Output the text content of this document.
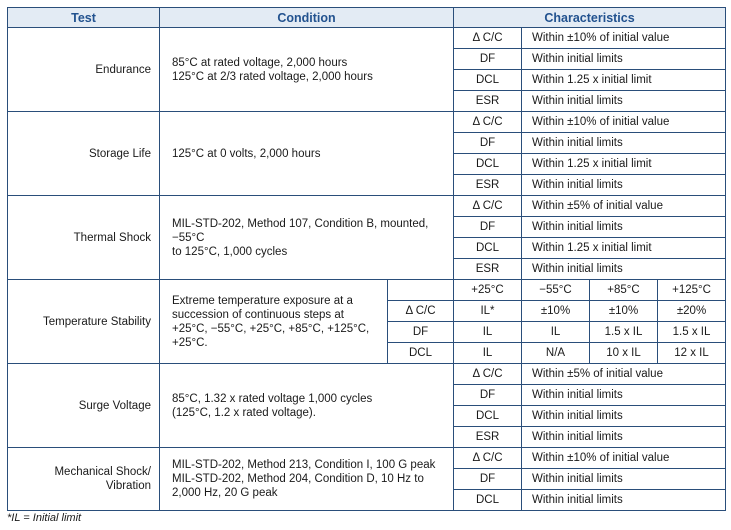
Test	Condition		Characteristics			
Endurance	85°C at rated voltage, 2,000 hours
125°C at 2/3 rated voltage, 2,000 hours		Δ C/C	Within ±10% of initial value		
			DF	Within initial limits		
			DCL	Within 1.25 x initial limit		
			ESR	Within initial limits		
Storage Life	125°C at 0 volts, 2,000 hours		Δ C/C	Within ±10% of initial value		
			DF	Within initial limits		
			DCL	Within 1.25 x initial limit		
			ESR	Within initial limits		
Thermal Shock	MIL-STD-202, Method 107, Condition B, mounted, −55°C
to 125°C, 1,000 cycles		Δ C/C	Within ±5% of initial value		
			DF	Within initial limits		
			DCL	Within 1.25 x initial limit		
			ESR	Within initial limits		
Temperature Stability	Extreme temperature exposure at a
succession of continuous steps at
+25°C, −55°C, +25°C, +85°C, +125°C,
+25°C.		+25°C	−55°C	+85°C	+125°C
		Δ C/C	IL*	±10%	±10%	±20%
		DF	IL	IL	1.5 x IL	1.5 x IL
		DCL	IL	N/A	10 x IL	12 x IL
Surge Voltage	85°C, 1.32 x rated voltage 1,000 cycles
(125°C, 1.2 x rated voltage).		Δ C/C	Within ±5% of initial value		
			DF	Within initial limits		
			DCL	Within initial limits		
			ESR	Within initial limits		

Mechanical Shock/
Vibration	MIL-STD-202, Method 213, Condition I, 100 G peak
MIL-STD-202, Method 204, Condition D, 10 Hz to
2,000 Hz, 20 G peak		Δ C/C	Within ±10% of initial value		
			DF	Within initial limits		
			DCL	Within initial limits		
*IL = Initial limit
